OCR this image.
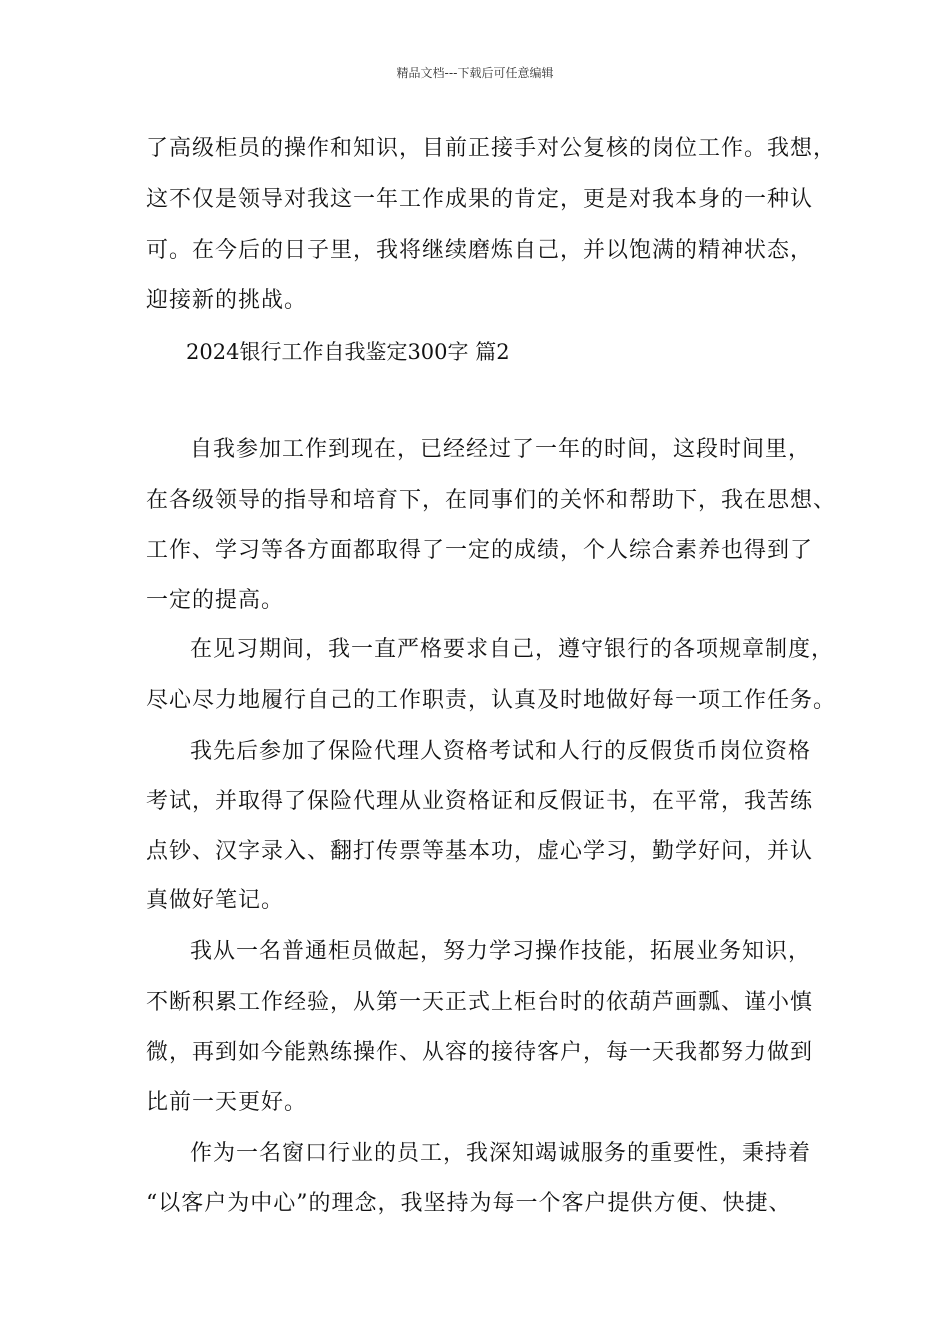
精品文档---下载后可任意编辑
了高级柜员的操作和知识，目前正接手对公复核的岗位工作。我想，
这不仅是领导对我这一年工作成果的肯定，更是对我本身的一种认
可。在今后的日子里，我将继续磨炼自己，并以饱满的精神状态，
迎接新的挑战。
2024银行工作自我鉴定300字 篇2
自我参加工作到现在，已经经过了一年的时间，这段时间里，
在各级领导的指导和培育下，在同事们的关怀和帮助下，我在思想、
工作、学习等各方面都取得了一定的成绩，个人综合素养也得到了
一定的提高。
在见习期间，我一直严格要求自己，遵守银行的各项规章制度，
尽心尽力地履行自己的工作职责，认真及时地做好每一项工作任务。
我先后参加了保险代理人资格考试和人行的反假货币岗位资格
考试，并取得了保险代理从业资格证和反假证书，在平常，我苦练
点钞、汉字录入、翻打传票等基本功，虚心学习，勤学好问，并认
真做好笔记。
我从一名普通柜员做起，努力学习操作技能，拓展业务知识，
不断积累工作经验，从第一天正式上柜台时的依葫芦画瓢、谨小慎
微，再到如今能熟练操作、从容的接待客户，每一天我都努力做到
比前一天更好。
作为一名窗口行业的员工，我深知竭诚服务的重要性，秉持着
“以客户为中心”的理念，我坚持为每一个客户提供方便、快捷、
